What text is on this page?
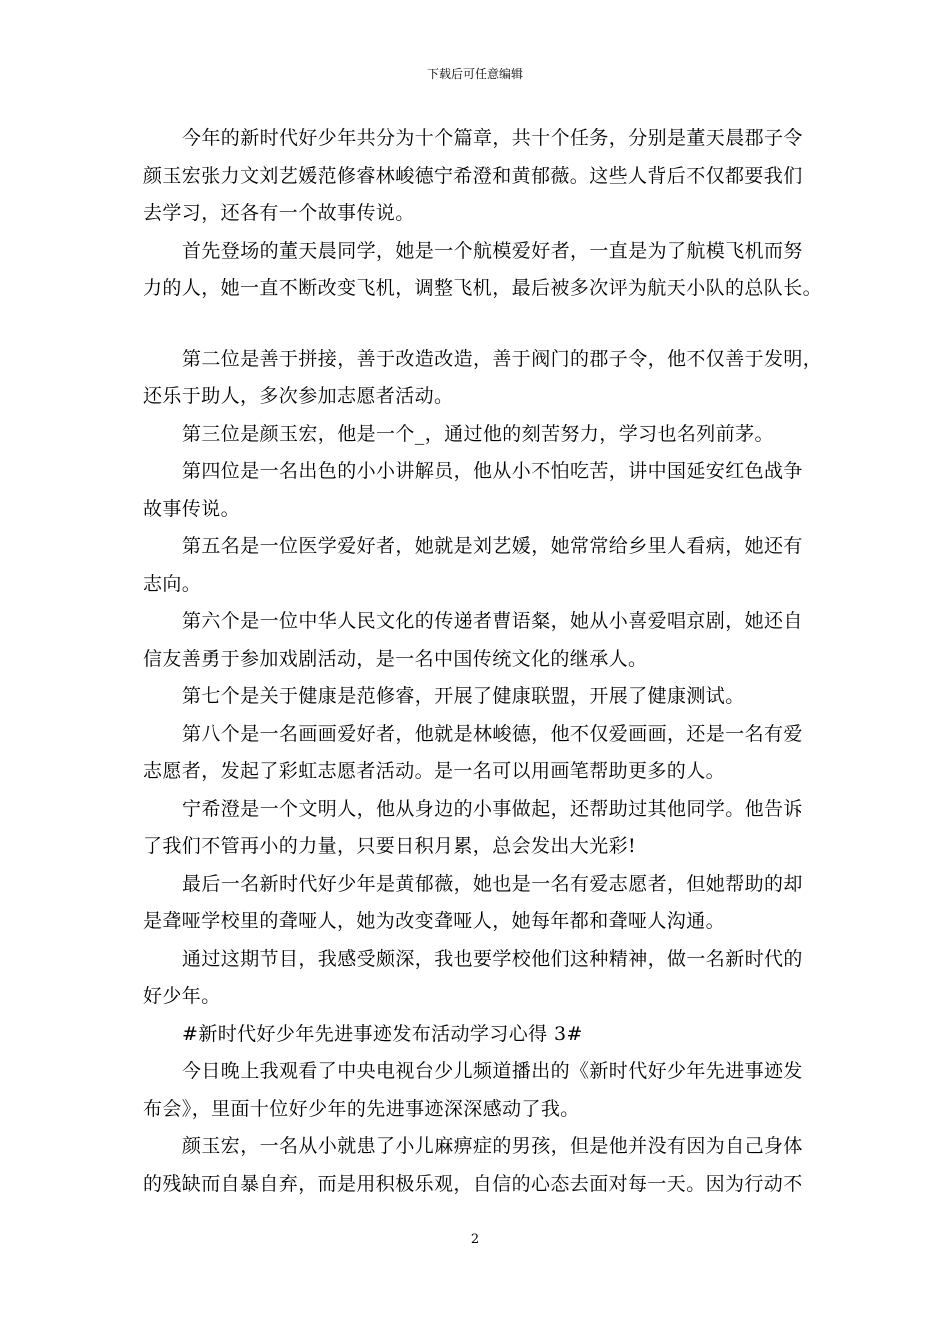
下载后可任意编辑
今年的新时代好少年共分为十个篇章，共十个任务，分别是董天晨郡子令
颜玉宏张力文刘艺媛范修睿林峻德宁希澄和黄郁薇。这些人背后不仅都要我们
去学习，还各有一个故事传说。
首先登场的董天晨同学，她是一个航模爱好者，一直是为了航模飞机而努
力的人，她一直不断改变飞机，调整飞机，最后被多次评为航天小队的总队长。
第二位是善于拼接，善于改造改造，善于阀门的郡子令，他不仅善于发明，
还乐于助人，多次参加志愿者活动。
第三位是颜玉宏，他是一个_，通过他的刻苦努力，学习也名列前茅。
第四位是一名出色的小小讲解员，他从小不怕吃苦，讲中国延安红色战争
故事传说。
第五名是一位医学爱好者，她就是刘艺媛，她常常给乡里人看病，她还有
志向。
第六个是一位中华人民文化的传递者曹语粲，她从小喜爱唱京剧，她还自
信友善勇于参加戏剧活动，是一名中国传统文化的继承人。
第七个是关于健康是范修睿，开展了健康联盟，开展了健康测试。
第八个是一名画画爱好者，他就是林峻德，他不仅爱画画，还是一名有爱
志愿者，发起了彩虹志愿者活动。是一名可以用画笔帮助更多的人。
宁希澄是一个文明人，他从身边的小事做起，还帮助过其他同学。他告诉
了我们不管再小的力量，只要日积月累，总会发出大光彩!
最后一名新时代好少年是黄郁薇，她也是一名有爱志愿者，但她帮助的却
是聋哑学校里的聋哑人，她为改变聋哑人，她每年都和聋哑人沟通。
通过这期节目，我感受颇深，我也要学校他们这种精神，做一名新时代的
好少年。
#新时代好少年先进事迹发布活动学习心得 3#
今日晚上我观看了中央电视台少儿频道播出的《新时代好少年先进事迹发
布会》，里面十位好少年的先进事迹深深感动了我。
颜玉宏，一名从小就患了小儿麻痹症的男孩，但是他并没有因为自己身体
的残缺而自暴自弃，而是用积极乐观，自信的心态去面对每一天。因为行动不
2
